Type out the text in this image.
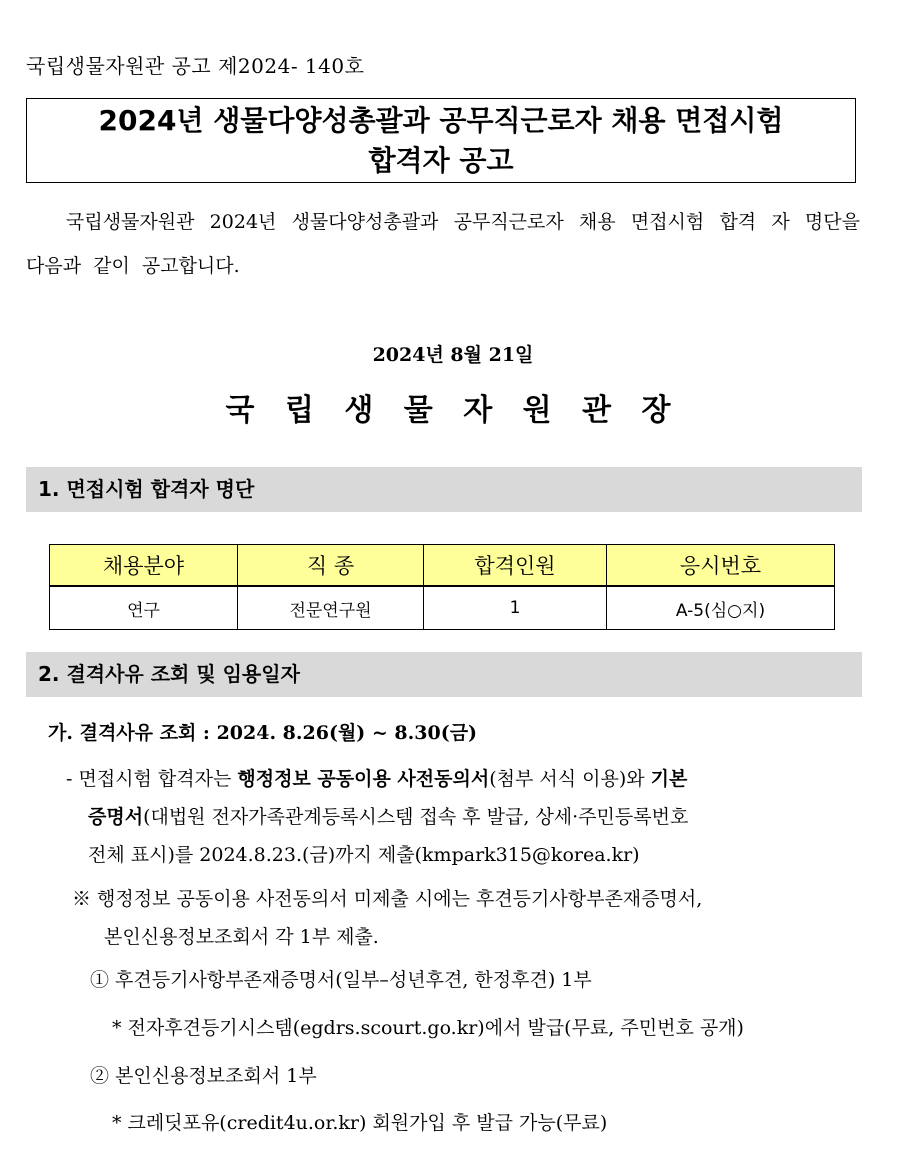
국립생물자원관 공고 제2024- 140호
2024년 생물다양성총괄과 공무직근로자 채용 면접시험
합격자 공고
국립생물자원관 2024년 생물다양성총괄과 공무직근로자 채용 면접시험 합격 자 명단을 다음과 같이 공고합니다.
2024년 8월 21일
국 립 생 물 자 원 관 장
1. 면접시험 합격자 명단
채용분야	직 종	합격인원	응시번호
연구	전문연구원	1	A-5(심○지)
2. 결격사유 조회 및 임용일자
가. 결격사유 조회 : 2024. 8.26(월) ~ 8.30(금)
- 면접시험 합격자는 행정정보 공동이용 사전동의서(첨부 서식 이용)와 기본
증명서(대법원 전자가족관계등록시스템 접속 후 발급, 상세·주민등록번호
전체 표시)를 2024.8.23.(금)까지 제출(kmpark315@korea.kr)
※ 행정정보 공동이용 사전동의서 미제출 시에는 후견등기사항부존재증명서,
본인신용정보조회서 각 1부 제출.
① 후견등기사항부존재증명서(일부–성년후견, 한정후견) 1부
* 전자후견등기시스템(egdrs.scourt.go.kr)에서 발급(무료, 주민번호 공개)
② 본인신용정보조회서 1부
* 크레딧포유(credit4u.or.kr) 회원가입 후 발급 가능(무료)
